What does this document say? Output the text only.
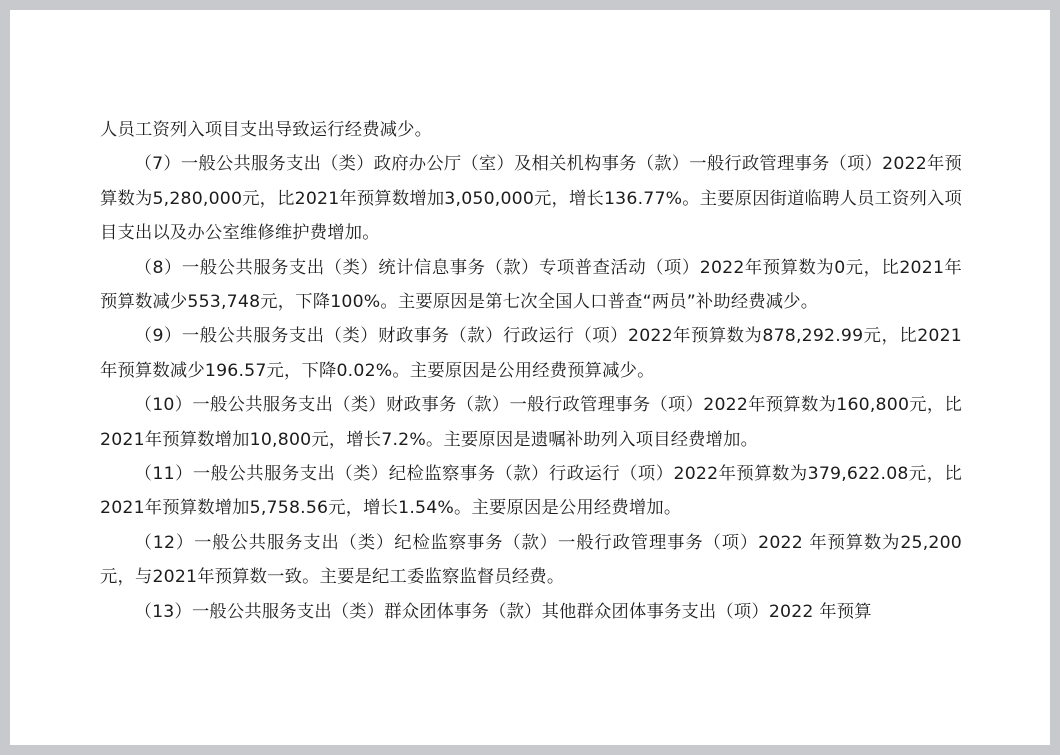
人员工资列入项目支出导致运行经费减少。

（7）一般公共服务支出（类）政府办公厅（室）及相关机构事务（款）一般行政管理事务（项）2022年预算数为5,280,000元，比2021年预算数增加3,050,000元，增长136.77%。主要原因街道临聘人员工资列入项目支出以及办公室维修维护费增加。

（8）一般公共服务支出（类）统计信息事务（款）专项普查活动（项）2022年预算数为0元，比2021年预算数减少553,748元，下降100%。主要原因是第七次全国人口普查“两员”补助经费减少。

（9）一般公共服务支出（类）财政事务（款）行政运行（项）2022年预算数为878,292.99元，比2021年预算数减少196.57元，下降0.02%。主要原因是公用经费预算减少。

（10）一般公共服务支出（类）财政事务（款）一般行政管理事务（项）2022年预算数为160,800元，比2021年预算数增加10,800元，增长7.2%。主要原因是遗嘱补助列入项目经费增加。

（11）一般公共服务支出（类）纪检监察事务（款）行政运行（项）2022年预算数为379,622.08元，比2021年预算数增加5,758.56元，增长1.54%。主要原因是公用经费增加。

（12）一般公共服务支出（类）纪检监察事务（款）一般行政管理事务（项）2022 年预算数为25,200元，与2021年预算数一致。主要是纪工委监察监督员经费。

（13）一般公共服务支出（类）群众团体事务（款）其他群众团体事务支出（项）2022 年预算
